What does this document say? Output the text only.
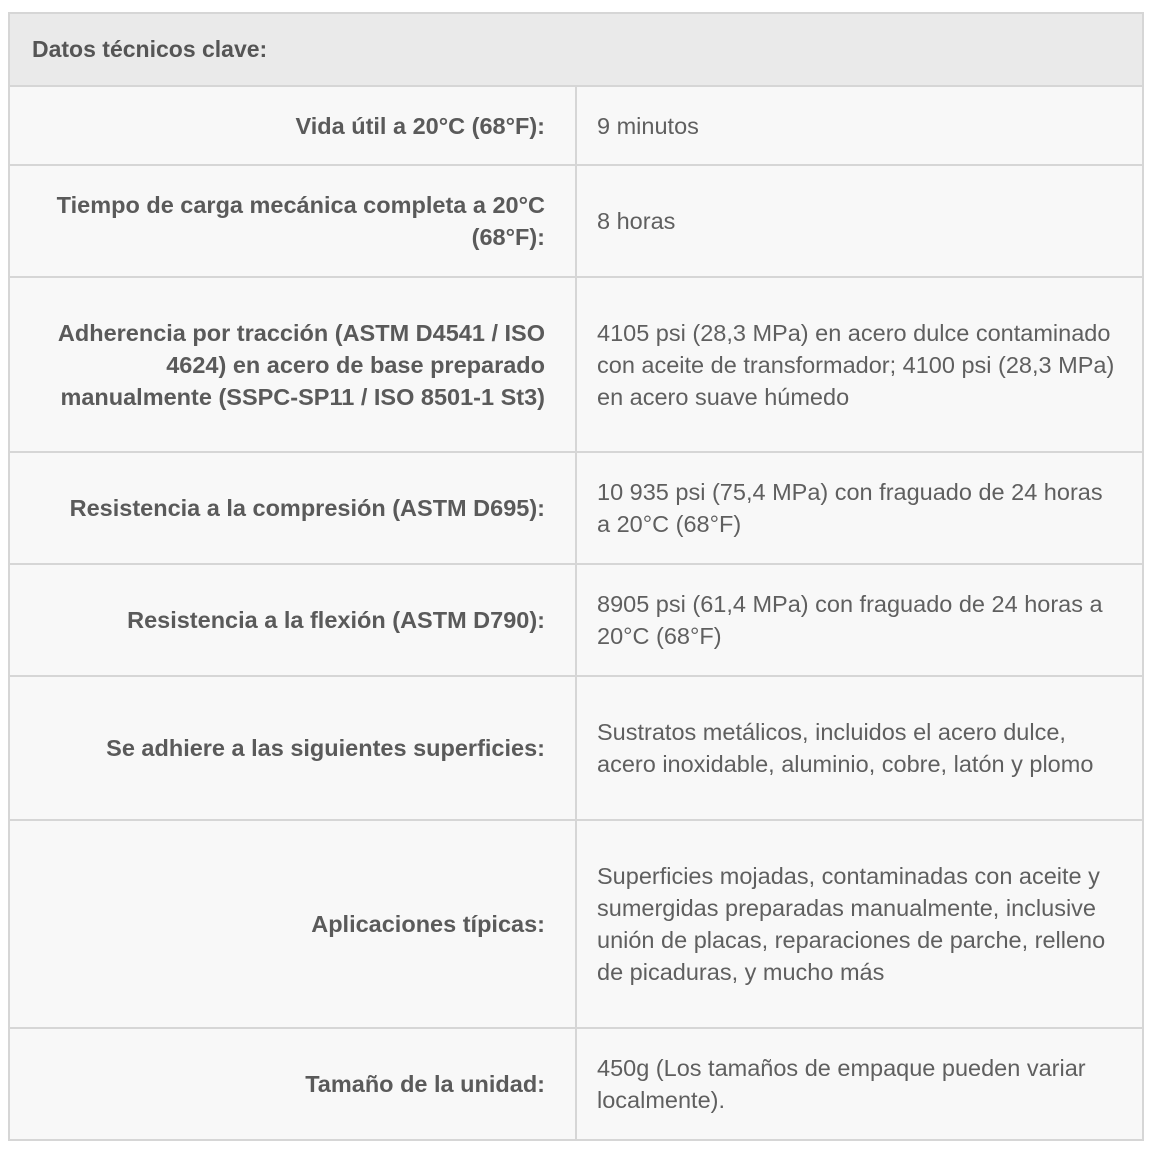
Datos técnicos clave:	
Vida útil a 20°C (68°F):	9 minutos
Tiempo de carga mecánica completa a 20°C (68°F):	8 horas
Adherencia por tracción (ASTM D4541 / ISO 4624) en acero de base preparado manualmente (SSPC-SP11 / ISO 8501-1 St3)	4105 psi (28,3 MPa) en acero dulce contaminado con aceite de transformador; 4100 psi (28,3 MPa) en acero suave húmedo
Resistencia a la compresión (ASTM D695):	10 935 psi (75,4 MPa) con fraguado de 24 horas a 20°C (68°F)
Resistencia a la flexión (ASTM D790):	8905 psi (61,4 MPa) con fraguado de 24 horas a 20°C (68°F)
Se adhiere a las siguientes superficies:	Sustratos metálicos, incluidos el acero dulce, acero inoxidable, aluminio, cobre, latón y plomo
Aplicaciones típicas:	Superficies mojadas, contaminadas con aceite y sumergidas preparadas manualmente, inclusive unión de placas, reparaciones de parche, relleno de picaduras, y mucho más
Tamaño de la unidad:	450g (Los tamaños de empaque pueden variar localmente).
